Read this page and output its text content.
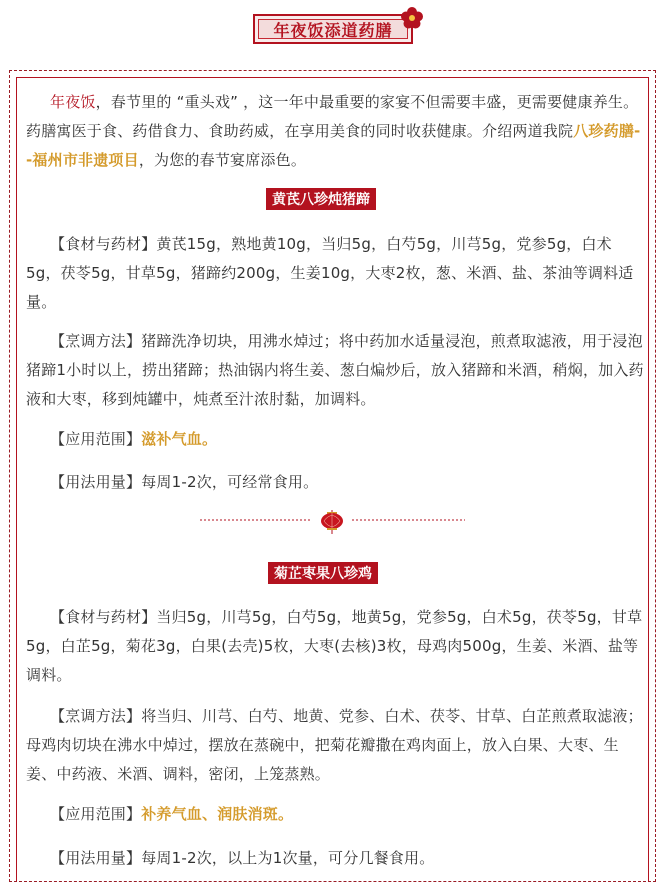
年夜饭添道药膳

年夜饭，春节里的 “重头戏” ，这一年中最重要的家宴不但需要丰盛，更需要健康养生。药膳寓医于食、药借食力、食助药威，在享用美食的同时收获健康。介绍两道我院八珍药膳--福州市非遗项目，为您的春节宴席添色。

黄芪八珍炖猪蹄

【食材与药材】黄芪15g，熟地黄10g，当归5g，白芍5g，川芎5g，党参5g，白术5g，茯苓5g，甘草5g，猪蹄约200g，生姜10g，大枣2枚，葱、米酒、盐、茶油等调料适量。

【烹调方法】猪蹄洗净切块，用沸水焯过；将中药加水适量浸泡，煎煮取滤液，用于浸泡猪蹄1小时以上，捞出猪蹄；热油锅内将生姜、葱白煸炒后，放入猪蹄和米酒，稍焖，加入药液和大枣，移到炖罐中，炖煮至汁浓肘黏，加调料。

【应用范围】滋补气血。

【用法用量】每周1-2次，可经常食用。

菊芷枣果八珍鸡

【食材与药材】当归5g，川芎5g，白芍5g，地黄5g，党参5g，白术5g，茯苓5g，甘草5g，白芷5g，菊花3g，白果(去壳)5枚，大枣(去核)3枚，母鸡肉500g，生姜、米酒、盐等调料。

【烹调方法】将当归、川芎、白芍、地黄、党参、白术、茯苓、甘草、白芷煎煮取滤液；母鸡肉切块在沸水中焯过，摆放在蒸碗中，把菊花瓣撒在鸡肉面上，放入白果、大枣、生姜、中药液、米酒、调料，密闭，上笼蒸熟。

【应用范围】补养气血、润肤消斑。

【用法用量】每周1-2次，以上为1次量，可分几餐食用。
